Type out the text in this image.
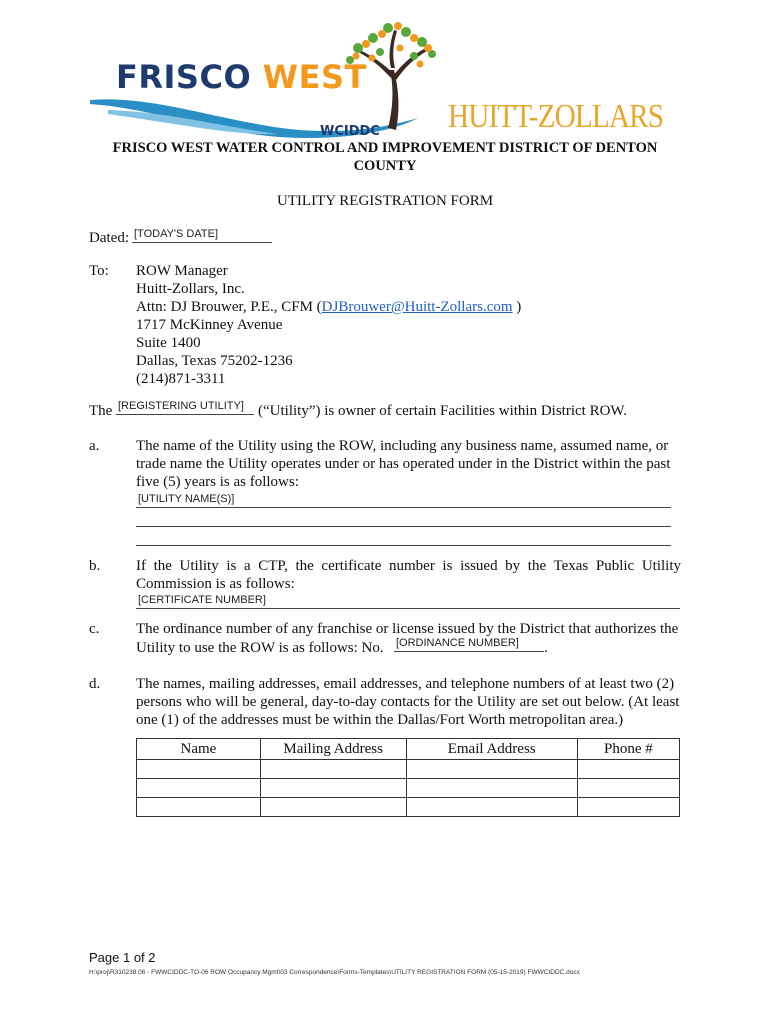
FRISCO WEST
WCIDDC HUITT-ZOLLARS
FRISCO WEST WATER CONTROL AND IMPROVEMENT DISTRICT OF DENTON
COUNTY
UTILITY REGISTRATION FORM
Dated: [TODAY'S DATE]
To: ROW Manager
Huitt-Zollars, Inc.
Attn: DJ Brouwer, P.E., CFM (DJBrouwer@Huitt-Zollars.com )
1717 McKinney Avenue
Suite 1400
Dallas, Texas 75202-1236
(214)871-3311
The [REGISTERING UTILITY] (“Utility”) is owner of certain Facilities within District ROW.
a. The name of the Utility using the ROW, including any business name, assumed name, or
trade name the Utility operates under or has operated under in the District within the past
five (5) years is as follows:
[UTILITY NAME(S)]
b. If the Utility is a CTP, the certificate number is issued by the Texas Public Utility
Commission is as follows:
[CERTIFICATE NUMBER]
c. The ordinance number of any franchise or license issued by the District that authorizes the
Utility to use the ROW is as follows: No. [ORDINANCE NUMBER]	.
d. The names, mailing addresses, email addresses, and telephone numbers of at least two (2)
persons who will be general, day-to-day contacts for the Utility are set out below. (At least
one (1) of the addresses must be within the Dallas/Fort Worth metropolitan area.)
Name	Mailing Address	Email Address	Phone #

Page 1 of 2
H:\proj\R310238.06 - FWWCIDDC-TO-06 ROW Occupancy Mgmt\03 Correspondence\Forms-Templates\UTILITY REGISTRATION FORM (05-15-2019) FWWCIDDC.docx
